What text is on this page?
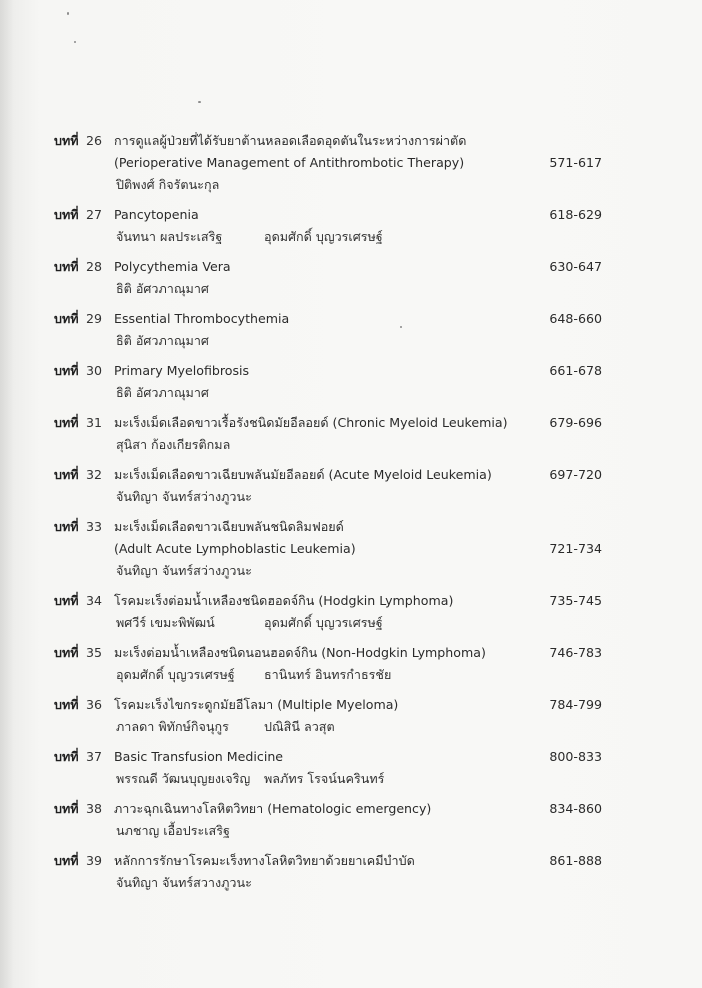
บทที่ 26 การดูแลผู้ป่วยที่ได้รับยาต้านหลอดเลือดอุดตันในระหว่างการผ่าตัด
(Perioperative Management of Antithrombotic Therapy)	571-617
ปิติพงศ์ กิจรัตนะกุล
บทที่ 27 Pancytopenia	618-629
จันทนา ผลประเสริฐ	อุดมศักดิ์ บุญวรเศรษฐ์
บทที่ 28 Polycythemia Vera	630-647
ธิติ อัศวภาณุมาศ
บทที่ 29 Essential Thrombocythemia	648-660
ธิติ อัศวภาณุมาศ
บทที่ 30 Primary Myelofibrosis	661-678
ธิติ อัศวภาณุมาศ
บทที่ 31 มะเร็งเม็ดเลือดขาวเรื้อรังชนิดมัยอีลอยด์ (Chronic Myeloid Leukemia)	679-696
สุนิสา ก้องเกียรติกมล
บทที่ 32 มะเร็งเม็ดเลือดขาวเฉียบพลันมัยอีลอยด์ (Acute Myeloid Leukemia)	697-720
จันทิญา จันทร์สว่างภูวนะ
บทที่ 33 มะเร็งเม็ดเลือดขาวเฉียบพลันชนิดลิมฟอยด์
(Adult Acute Lymphoblastic Leukemia)	721-734
จันทิญา จันทร์สว่างภูวนะ
บทที่ 34 โรคมะเร็งต่อมน้ำเหลืองชนิดฮอดจ์กิน (Hodgkin Lymphoma)	735-745
พศวีร์ เขมะพิพัฒน์	อุดมศักดิ์ บุญวรเศรษฐ์
บทที่ 35 มะเร็งต่อมน้ำเหลืองชนิดนอนฮอดจ์กิน (Non-Hodgkin Lymphoma)	746-783
อุดมศักดิ์ บุญวรเศรษฐ์ ธานินทร์ อินทรกำธรชัย
บทที่ 36 โรคมะเร็งไขกระดูกมัยอีโลมา (Multiple Myeloma)	784-799
ภาลดา พิทักษ์กิจนุกูร	ปณิสินี ลวสุต
บทที่ 37 Basic Transfusion Medicine	800-833
พรรณดี วัฒนบุญยงเจริญ พลภัทร โรจน์นครินทร์
บทที่ 38 ภาวะฉุกเฉินทางโลหิตวิทยา (Hematologic emergency)	834-860
นภชาญ เอื้อประเสริฐ
บทที่ 39 หลักการรักษาโรคมะเร็งทางโลหิตวิทยาด้วยยาเคมีบำบัด	861-888
จันทิญา จันทร์สวางภูวนะ
